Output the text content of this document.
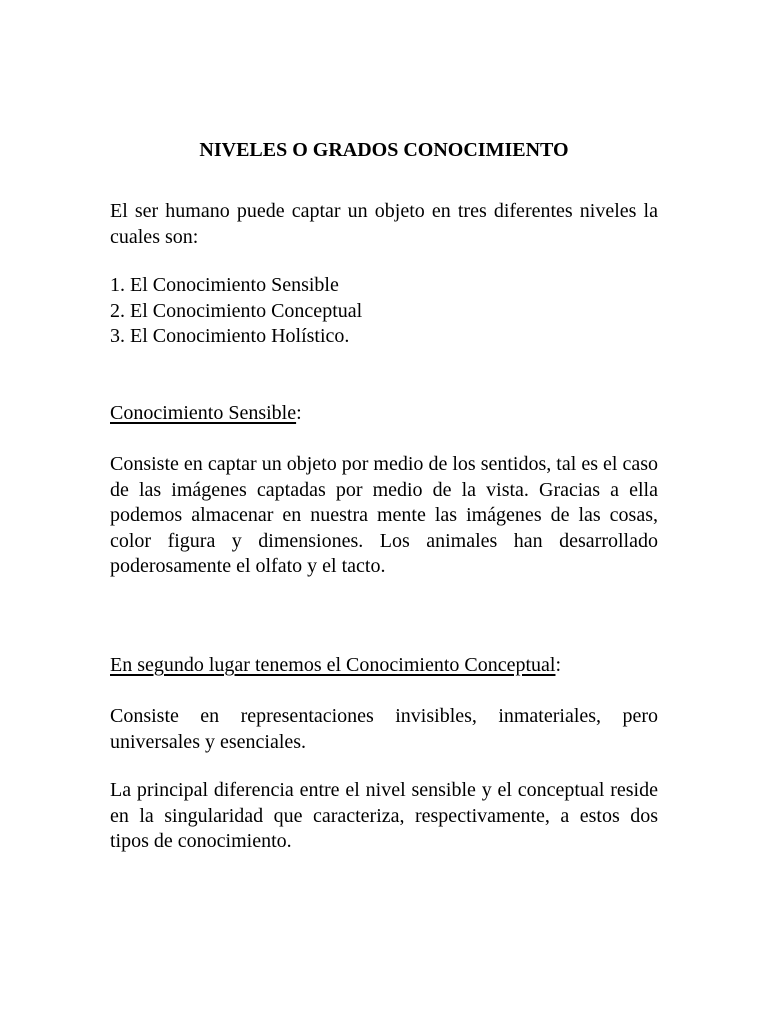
NIVELES O GRADOS CONOCIMIENTO

El ser humano puede captar un objeto en tres diferentes niveles la cuales son:

1. El Conocimiento Sensible
2. El Conocimiento Conceptual
3. El Conocimiento Holístico.

Conocimiento Sensible:

Consiste en captar un objeto por medio de los sentidos, tal es el caso de las imágenes captadas por medio de la vista. Gracias a ella podemos almacenar en nuestra mente las imágenes de las cosas, color figura y dimensiones. Los animales han desarrollado poderosamente el olfato y el tacto.

En segundo lugar tenemos el Conocimiento Conceptual:

Consiste en representaciones invisibles, inmateriales, pero universales y esenciales.

La principal diferencia entre el nivel sensible y el conceptual reside en la singularidad que caracteriza, respectivamente, a estos dos tipos de conocimiento.
